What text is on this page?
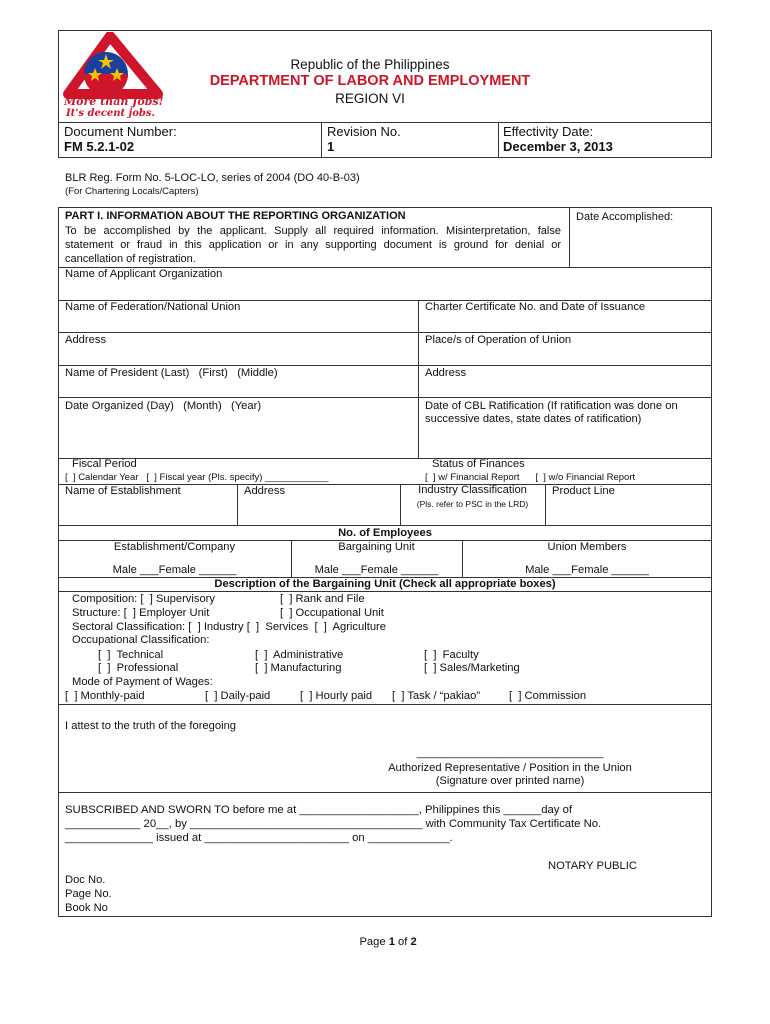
More than Jobs!
It's decent jobs.
Republic of the Philippines
DEPARTMENT OF LABOR AND EMPLOYMENT
REGION VI
Document Number:
FM 5.2.1-02
Revision No.
1
Effectivity Date:
December 3, 2013
BLR Reg. Form No. 5-LOC-LO, series of 2004 (DO 40-B-03)
(For Chartering Locals/Capters)
PART I. INFORMATION ABOUT THE REPORTING ORGANIZATION
To be accomplished by the applicant. Supply all required information. Misinterpretation, false statement or fraud in this application or in any supporting document is ground for denial or cancellation of registration.
Date Accomplished:
Name of Applicant Organization
Name of Federation/National Union	Charter Certificate No. and Date of Issuance
Address	Place/s of Operation of Union
Name of President (Last)   (First)   (Middle)	Address
Date Organized (Day)   (Month)   (Year)	Date of CBL Ratification (If ratification was done on successive dates, state dates of ratification)
Fiscal Period
[  ] Calendar Year   [  ] Fiscal year (Pls. specify) ____________
Status of Finances
[  ] w/ Financial Report      [  ] w/o Financial Report
Name of Establishment	Address	Industry Classification
(Pls. refer to PSC in the LRD)
Product Line
No. of Employees
Establishment/Company	Bargaining Unit	Union Members
Male ___Female ______	Male ___Female ______	Male ___Female ______
Description of the Bargaining Unit (Check all appropriate boxes)
Composition: [  ] Supervisory	[  ] Rank and File
Structure: [  ] Employer Unit	[  ] Occupational Unit
Sectoral Classification: [  ] Industry [  ]  Services  [  ]  Agriculture
Occupational Classification:
[  ]  Technical	[  ]  Administrative	[  ]  Faculty
[  ]  Professional	[  ] Manufacturing	[  ] Sales/Marketing
Mode of Payment of Wages:
[  ] Monthly-paid	[  ] Daily-paid	[  ] Hourly paid [  ] Task / “pakiao”	[  ] Commission
I attest to the truth of the foregoing
______________________________
Authorized Representative / Position in the Union
(Signature over printed name)
SUBSCRIBED AND SWORN TO before me at ___________________, Philippines this ______day of
____________ 20__, by _____________________________________ with Community Tax Certificate No.
______________ issued at _______________________ on _____________.
NOTARY PUBLIC
Doc No.
Page No.
Book No

Page 1 of 2
